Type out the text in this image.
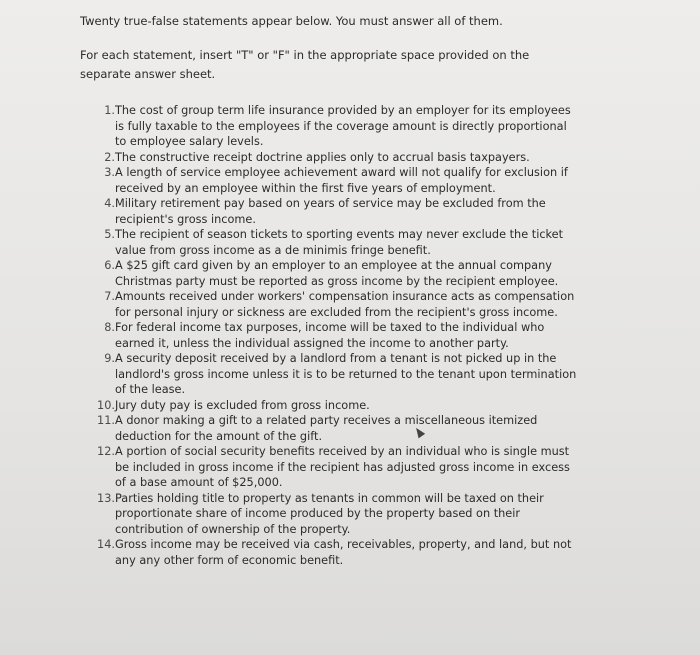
Twenty true-false statements appear below. You must answer all of them.
For each statement, insert "T" or "F" in the appropriate space provided on the separate answer sheet.
1. The cost of group term life insurance provided by an employer for its employees is fully taxable to the employees if the coverage amount is directly proportional to employee salary levels.
2. The constructive receipt doctrine applies only to accrual basis taxpayers.
3. A length of service employee achievement award will not qualify for exclusion if received by an employee within the first five years of employment.
4. Military retirement pay based on years of service may be excluded from the recipient's gross income.
5. The recipient of season tickets to sporting events may never exclude the ticket value from gross income as a de minimis fringe benefit.
6. A $25 gift card given by an employer to an employee at the annual company Christmas party must be reported as gross income by the recipient employee.
7. Amounts received under workers' compensation insurance acts as compensation for personal injury or sickness are excluded from the recipient's gross income.
8. For federal income tax purposes, income will be taxed to the individual who earned it, unless the individual assigned the income to another party.
9. A security deposit received by a landlord from a tenant is not picked up in the landlord's gross income unless it is to be returned to the tenant upon termination of the lease.
10. Jury duty pay is excluded from gross income.
11. A donor making a gift to a related party receives a miscellaneous itemized deduction for the amount of the gift.
12. A portion of social security benefits received by an individual who is single must be included in gross income if the recipient has adjusted gross income in excess of a base amount of $25,000.
13. Parties holding title to property as tenants in common will be taxed on their proportionate share of income produced by the property based on their contribution of ownership of the property.
14. Gross income may be received via cash, receivables, property, and land, but not any any other form of economic benefit.
